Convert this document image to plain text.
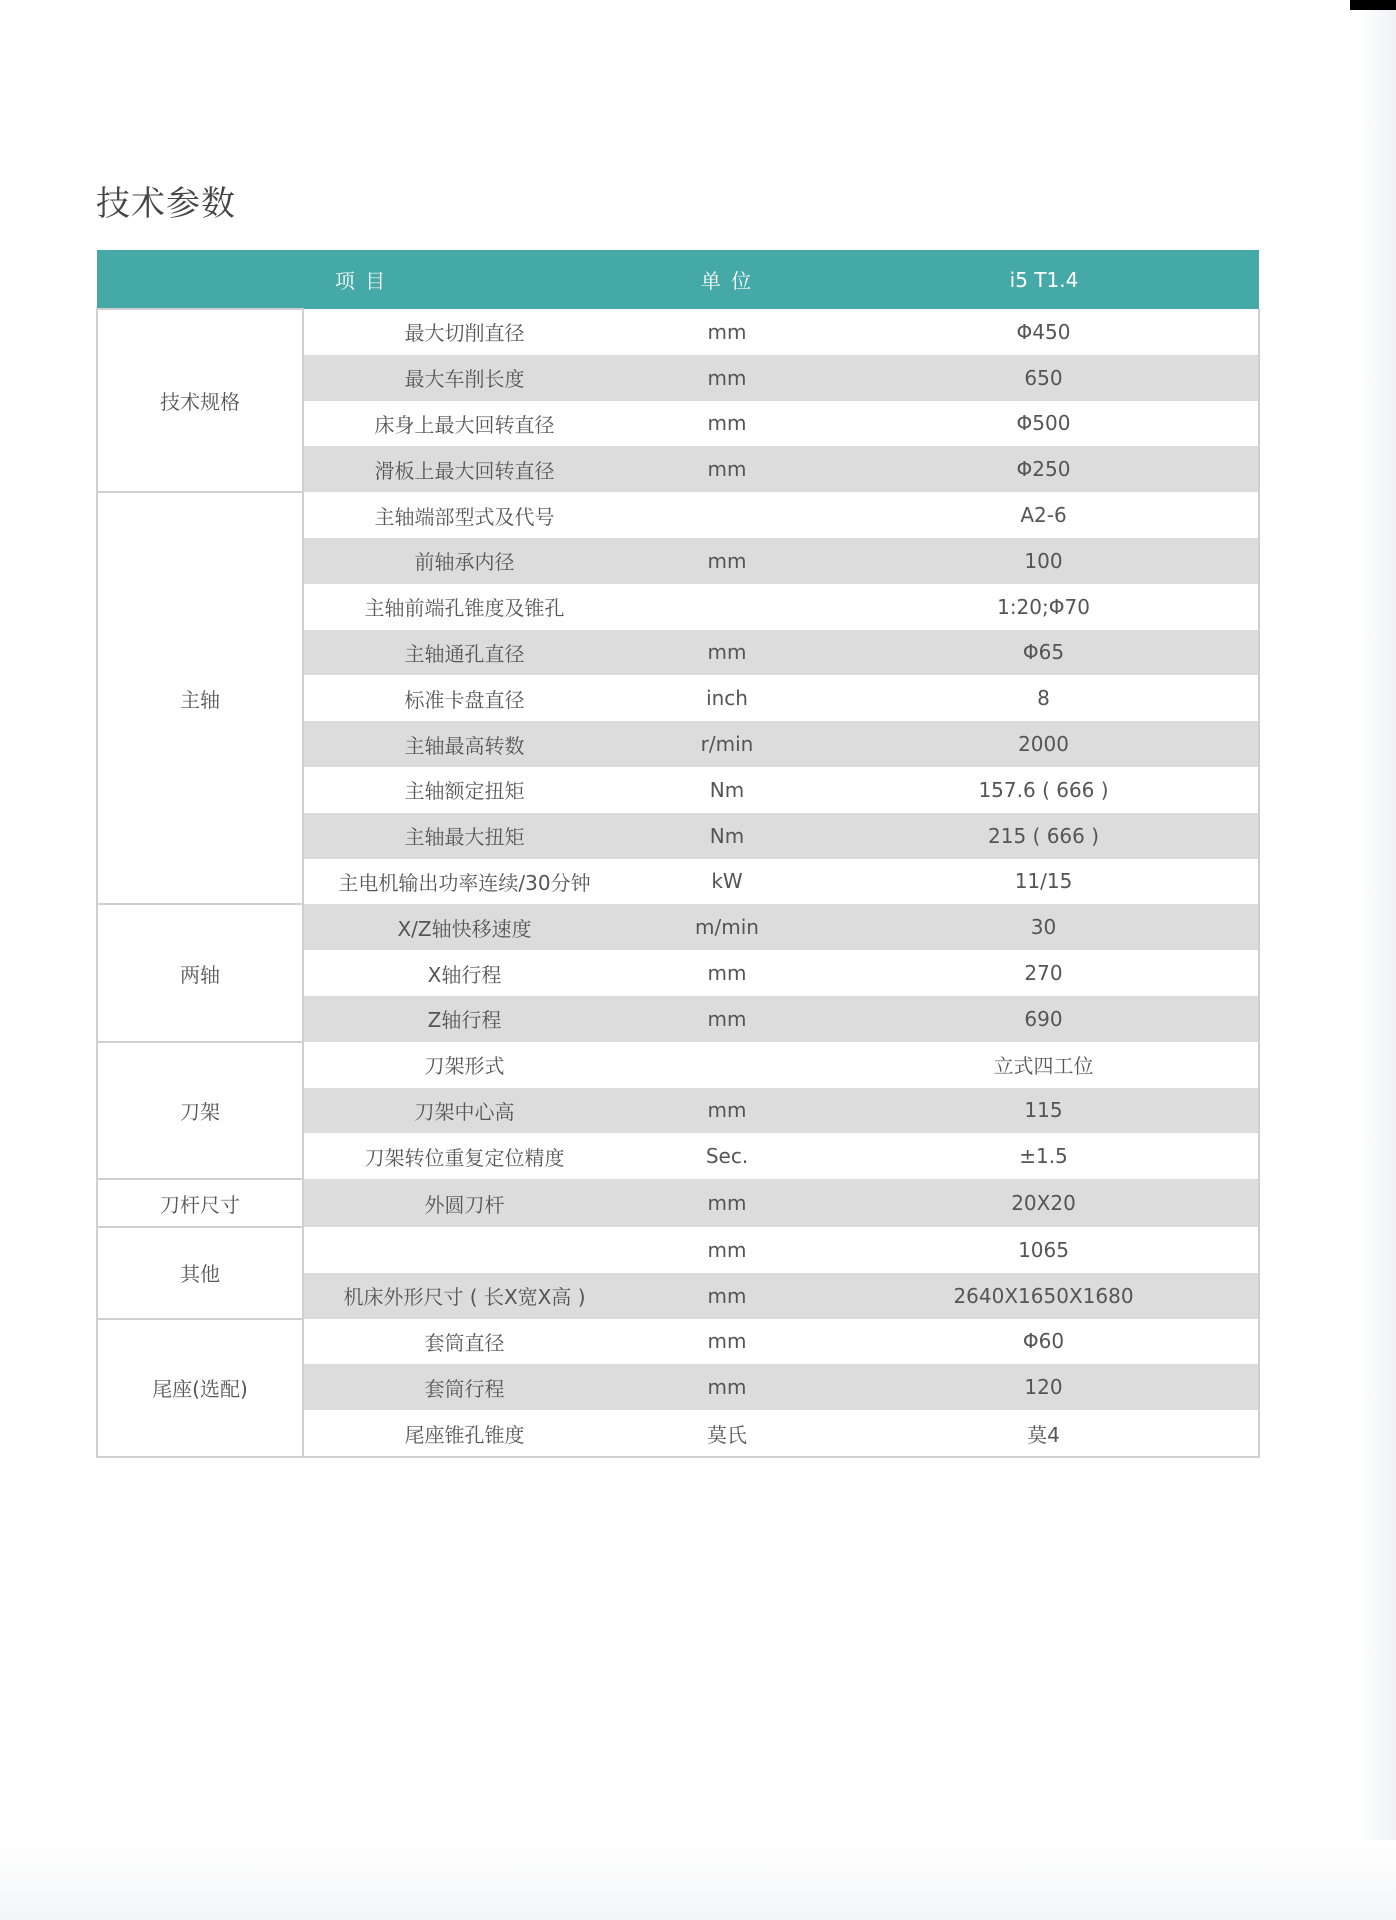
技术参数
项 目		单 位	i5 T1.4
技术规格	最大切削直径	mm	Φ450
	最大车削长度	mm	650
	床身上最大回转直径	mm	Φ500
	滑板上最大回转直径	mm	Φ250
主轴	主轴端部型式及代号		A2-6
	前轴承内径	mm	100
	主轴前端孔锥度及锥孔		1:20;Φ70
	主轴通孔直径	mm	Φ65
	标准卡盘直径	inch	8
	主轴最高转数	r/min	2000
	主轴额定扭矩	Nm	157.6 ( 666 )
	主轴最大扭矩	Nm	215 ( 666 )
	主电机输出功率连续/30分钟	kW	11/15
两轴	X/Z轴快移速度	m/min	30
	X轴行程	mm	270
	Z轴行程	mm	690
刀架	刀架形式		立式四工位
	刀架中心高	mm	115
	刀架转位重复定位精度	Sec.	±1.5
刀杆尺寸	外圆刀杆	mm	20X20
其他		mm	1065
	机床外形尺寸 ( 长X宽X高 )	mm	2640X1650X1680
尾座(选配)	套筒直径	mm	Φ60
	套筒行程	mm	120
	尾座锥孔锥度	莫氏	莫4
